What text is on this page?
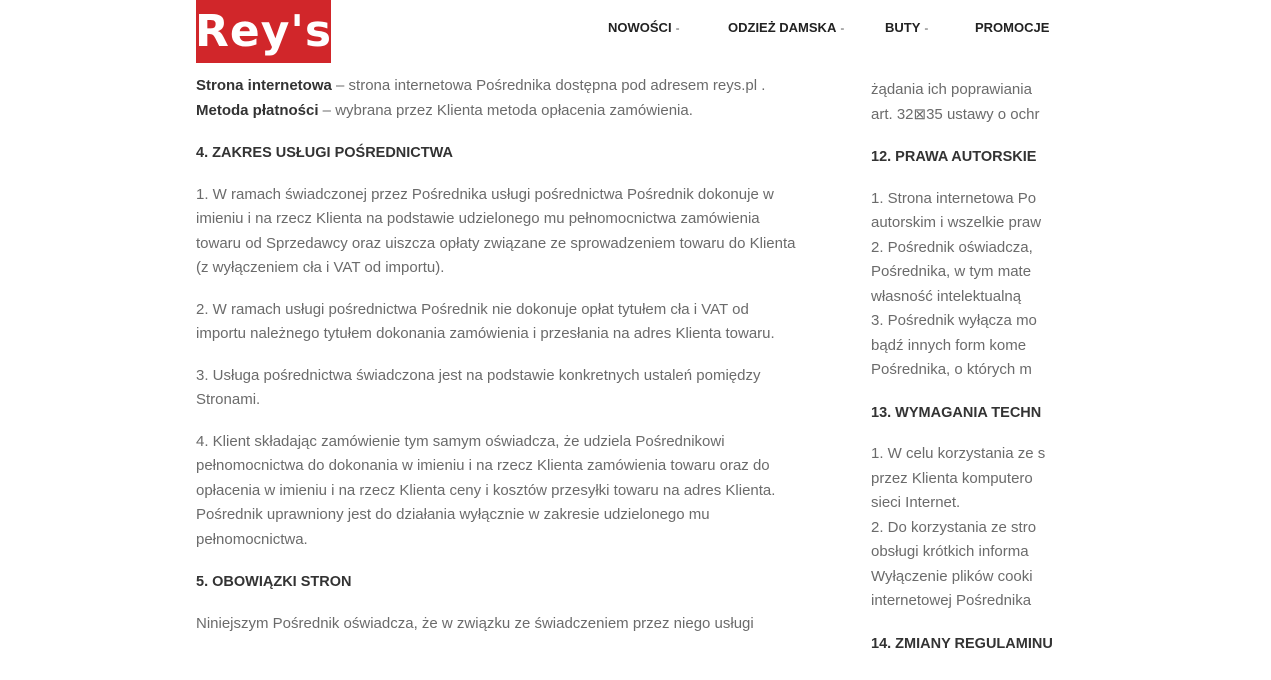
Strona internetowa – strona internetowa Pośrednika dostępna pod adresem reys.pl .

Metoda płatności – wybrana przez Klienta metoda opłacenia zamówienia.

4. ZAKRES USŁUGI POŚREDNICTWA

1. W ramach świadczonej przez Pośrednika usługi pośrednictwa Pośrednik dokonuje w imieniu i na rzecz Klienta na podstawie udzielonego mu pełnomocnictwa zamówienia towaru od Sprzedawcy oraz uiszcza opłaty związane ze sprowadzeniem towaru do Klienta (z wyłączeniem cła i VAT od importu).

2. W ramach usługi pośrednictwa Pośrednik nie dokonuje opłat tytułem cła i VAT od importu należnego tytułem dokonania zamówienia i przesłania na adres Klienta towaru.

3. Usługa pośrednictwa świadczona jest na podstawie konkretnych ustaleń pomiędzy Stronami.

4. Klient składając zamówienie tym samym oświadcza, że udziela Pośrednikowi pełnomocnictwa do dokonania w imieniu i na rzecz Klienta zamówienia towaru oraz do opłacenia w imieniu i na rzecz Klienta ceny i kosztów przesyłki towaru na adres Klienta. Pośrednik uprawniony jest do działania wyłącznie w zakresie udzielonego mu pełnomocnictwa.

5. OBOWIĄZKI STRON

Niniejszym Pośrednik oświadcza, że w związku ze świadczeniem przez niego usługi

żądania ich poprawiania

art. 32⊠35 ustawy o ochr

12. PRAWA AUTORSKIE

1. Strona internetowa Po

autorskim i wszelkie praw

2. Pośrednik oświadcza,

Pośrednika, w tym mate

własność intelektualną

3. Pośrednik wyłącza mo

bądź innych form kome

Pośrednika, o których m

13. WYMAGANIA TECHN

1. W celu korzystania ze s

przez Klienta komputero

sieci Internet.

2. Do korzystania ze stro

obsługi krótkich informa

Wyłączenie plików cooki

internetowej Pośrednika

14. ZMIANY REGULAMINU

NOWOŚCI -	ODZIEŻ DAMSKA -	BUTY -	PROMOCJE
Rey's
